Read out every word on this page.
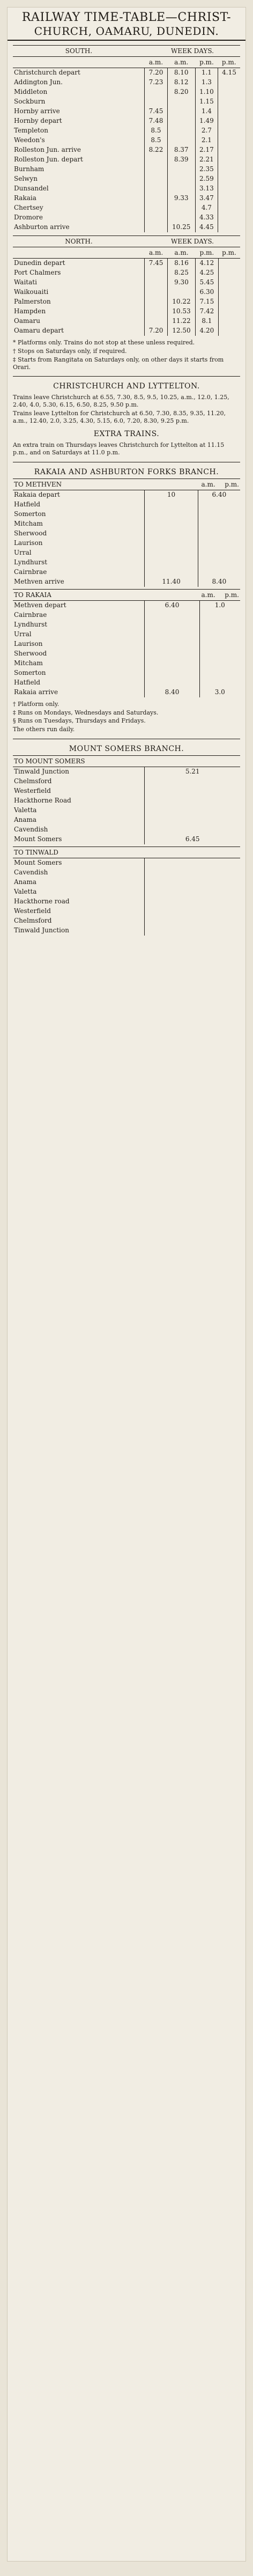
RAILWAY TIME-TABLE—CHRIST-
CHURCH, OAMARU, DUNEDIN.
SOUTH.	WEEK DAYS.			
	a.m.	a.m.	p.m.	p.m.
Christchurch depart	7.20	8.10	1.1	4.15
Addington Jun.	7.23	8.12	1.3	
Middleton		8.20	1.10	
Sockburn			1.15	
Hornby arrive	7.45		1.4	
Hornby depart	7.48		1.49	
Templeton	8.5		2.7	
Weedon's	8.5		2.1	
Rolleston Jun. arrive	8.22	8.37	2.17	
Rolleston Jun. depart		8.39	2.21	
Burnham			2.35	
Selwyn			2.59	
Dunsandel			3.13	
Rakaia		9.33	3.47	
Chertsey			4.7	
Dromore			4.33	
Ashburton arrive		10.25	4.45	
NORTH.	WEEK DAYS.			
	a.m.	a.m.	p.m.	p.m.
Dunedin depart	7.45	8.16	4.12	
Port Chalmers		8.25	4.25	
Waitati		9.30	5.45	
Waikouaiti			6.30	
Palmerston		10.22	7.15	
Hampden		10.53	7.42	
Oamaru		11.22	8.1	
Oamaru depart	7.20	12.50	4.20	

* Platforms only. Trains do not stop at these unless required.

† Stops on Saturdays only, if required.

‡ Starts from Rangitata on Saturdays only, on other days it starts from Orari.

CHRISTCHURCH AND LYTTELTON.

Trains leave Christchurch at 6.55, 7.30, 8.5, 9.5, 10.25, a.m., 12.0, 1.25, 2.40, 4.0, 5.30, 6.15, 6.50, 8.25, 9.50 p.m.

Trains leave Lyttelton for Christchurch at 6.50, 7.30, 8.35, 9.35, 11.20, a.m., 12.40, 2.0, 3.25, 4.30, 5.15, 6.0, 7.20, 8.30, 9.25 p.m.

EXTRA TRAINS.

An extra train on Thursdays leaves Christchurch for Lyttelton at 11.15 p.m., and on Saturdays at 11.0 p.m.

RAKAIA AND ASHBURTON FORKS BRANCH.
TO METHVEN	a.m. p.m.
Rakaia depart	10	6.40
Hatfield		
Somerton		
Mitcham		
Sherwood		
Laurison		
Urral		
Lyndhurst		
Cairnbrae		
Methven arrive	11.40	8.40
TO RAKAIA	a.m. p.m.
Methven depart	6.40	1.0
Cairnbrae		
Lyndhurst		
Urral		
Laurison		
Sherwood		
Mitcham		
Somerton		
Hatfield		
Rakaia arrive	8.40	3.0

† Platform only.

‡ Runs on Mondays, Wednesdays and Saturdays.

§ Runs on Tuesdays, Thursdays and Fridays.

The others run daily.

MOUNT SOMERS BRANCH.
TO MOUNT SOMERS
Tinwald Junction	5.21
Chelmsford	
Westerfield	
Hackthorne Road	
Valetta	
Anama	
Cavendish	
Mount Somers	6.45
TO TINWALD
Mount Somers	
Cavendish	
Anama	
Valetta	
Hackthorne road	
Westerfield	
Chelmsford	
Tinwald Junction	
